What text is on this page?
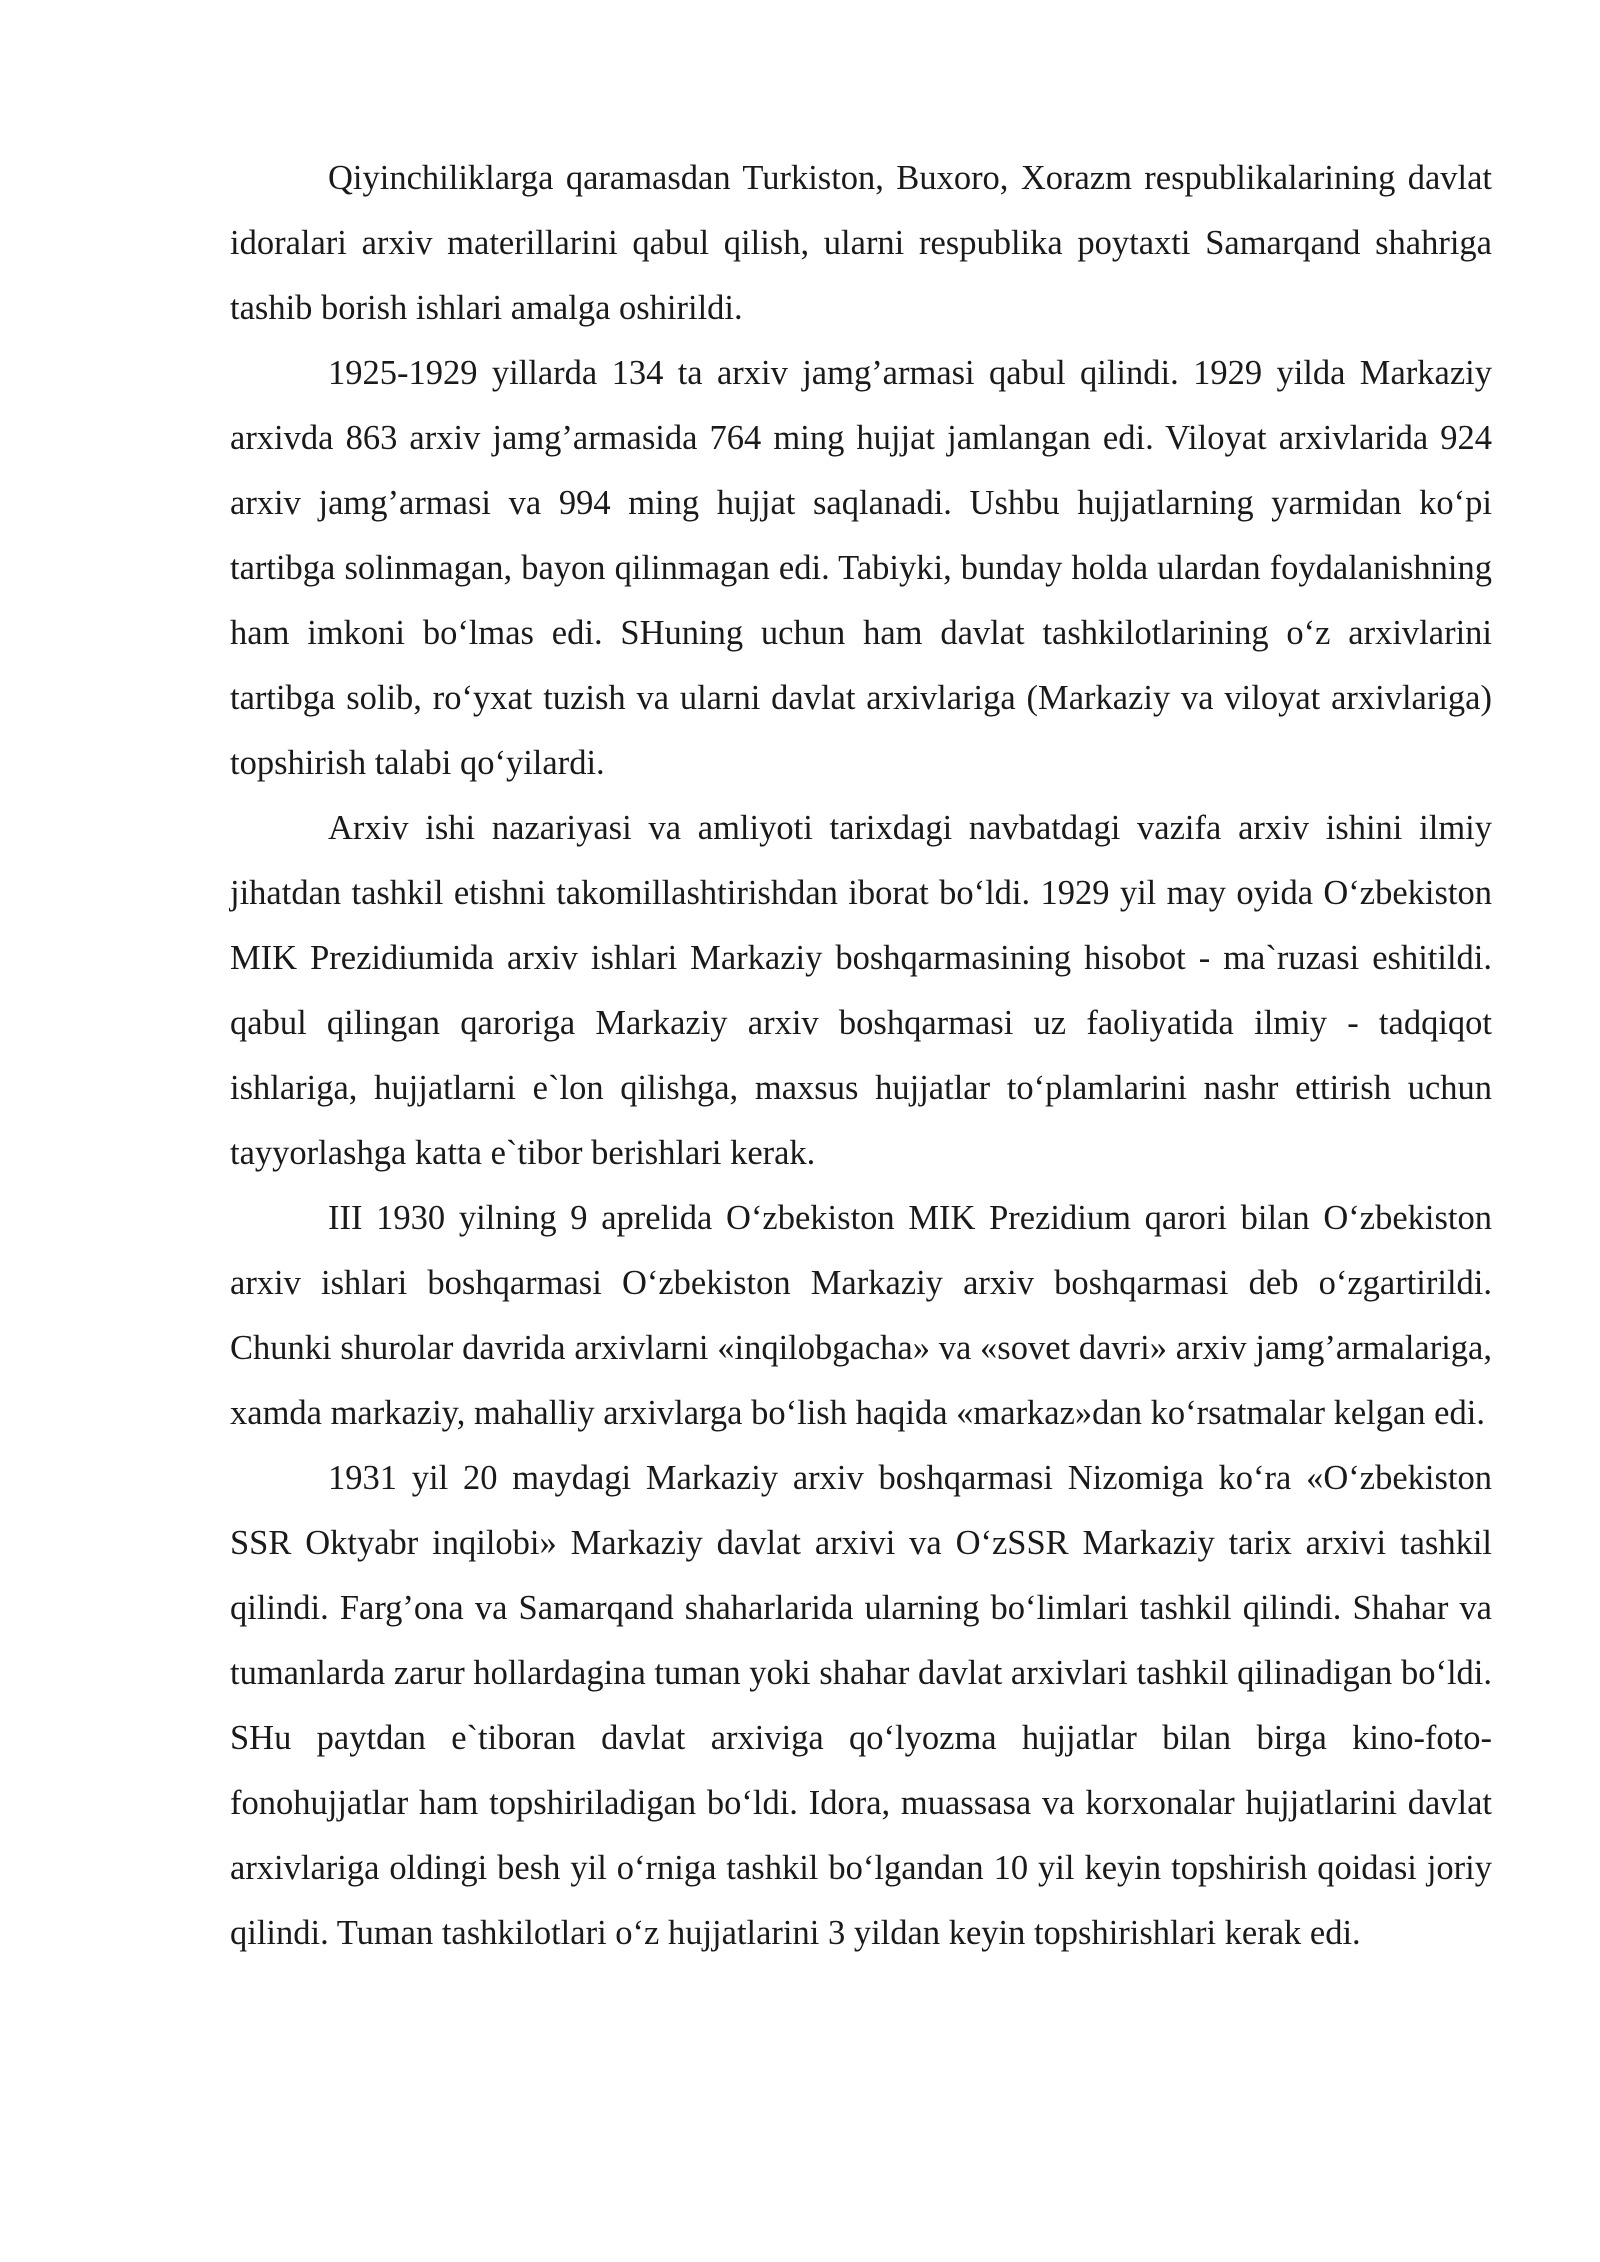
Qiyinchiliklarga qaramasdan Turkiston, Buxoro, Xorazm respublikalarining davlat idoralari arxiv materillarini qabul qilish, ularni respublika poytaxti Samarqand shahriga tashib borish ishlari amalga oshirildi.

1925-1929 yillarda 134 ta arxiv jamg’armasi qabul qilindi. 1929 yilda Markaziy arxivda 863 arxiv jamg’armasida 764 ming hujjat jamlangan edi. Viloyat arxivlarida 924 arxiv jamg’armasi va 994 ming hujjat saqlanadi. Ushbu hujjatlarning yarmidan ko‘pi tartibga solinmagan, bayon qilinmagan edi. Tabiyki, bunday holda ulardan foydalanishning ham imkoni bo‘lmas edi. SHuning uchun ham davlat tashkilotlarining o‘z arxivlarini tartibga solib, ro‘yxat tuzish va ularni davlat arxivlariga (Markaziy va viloyat arxivlariga) topshirish talabi qo‘yilardi.

Arxiv ishi nazariyasi va amliyoti tarixdagi navbatdagi vazifa arxiv ishini ilmiy jihatdan tashkil etishni takomillashtirishdan iborat bo‘ldi. 1929 yil may oyida O‘zbekiston MIK Prezidiumida arxiv ishlari Markaziy boshqarmasining hisobot - ma`ruzasi eshitildi. qabul qilingan qaroriga Markaziy arxiv boshqarmasi uz faoliyatida ilmiy - tadqiqot ishlariga, hujjatlarni e`lon qilishga, maxsus hujjatlar to‘plamlarini nashr ettirish uchun tayyorlashga katta e`tibor berishlari kerak.

III 1930 yilning 9 aprelida O‘zbekiston MIK Prezidium qarori bilan O‘zbekiston arxiv ishlari boshqarmasi O‘zbekiston Markaziy arxiv boshqarmasi deb o‘zgartirildi. Chunki shurolar davrida arxivlarni «inqilobgacha» va «sovet davri» arxiv jamg’armalariga, xamda markaziy, mahalliy arxivlarga bo‘lish haqida «markaz»dan ko‘rsatmalar kelgan edi.

1931 yil 20 maydagi Markaziy arxiv boshqarmasi Nizomiga ko‘ra «O‘zbekiston SSR Oktyabr inqilobi» Markaziy davlat arxivi va O‘zSSR Markaziy tarix arxivi tashkil qilindi. Farg’ona va Samarqand shaharlarida ularning bo‘limlari tashkil qilindi. Shahar va tumanlarda zarur hollardagina tuman yoki shahar davlat arxivlari tashkil qilinadigan bo‘ldi. SHu paytdan e`tiboran davlat arxiviga qo‘lyozma hujjatlar bilan birga kino-foto-fonohujjatlar ham topshiriladigan bo‘ldi. Idora, muassasa va korxonalar hujjatlarini davlat arxivlariga oldingi besh yil o‘rniga tashkil bo‘lgandan 10 yil keyin topshirish qoidasi joriy qilindi. Tuman tashkilotlari o‘z hujjatlarini 3 yildan keyin topshirishlari kerak edi.
